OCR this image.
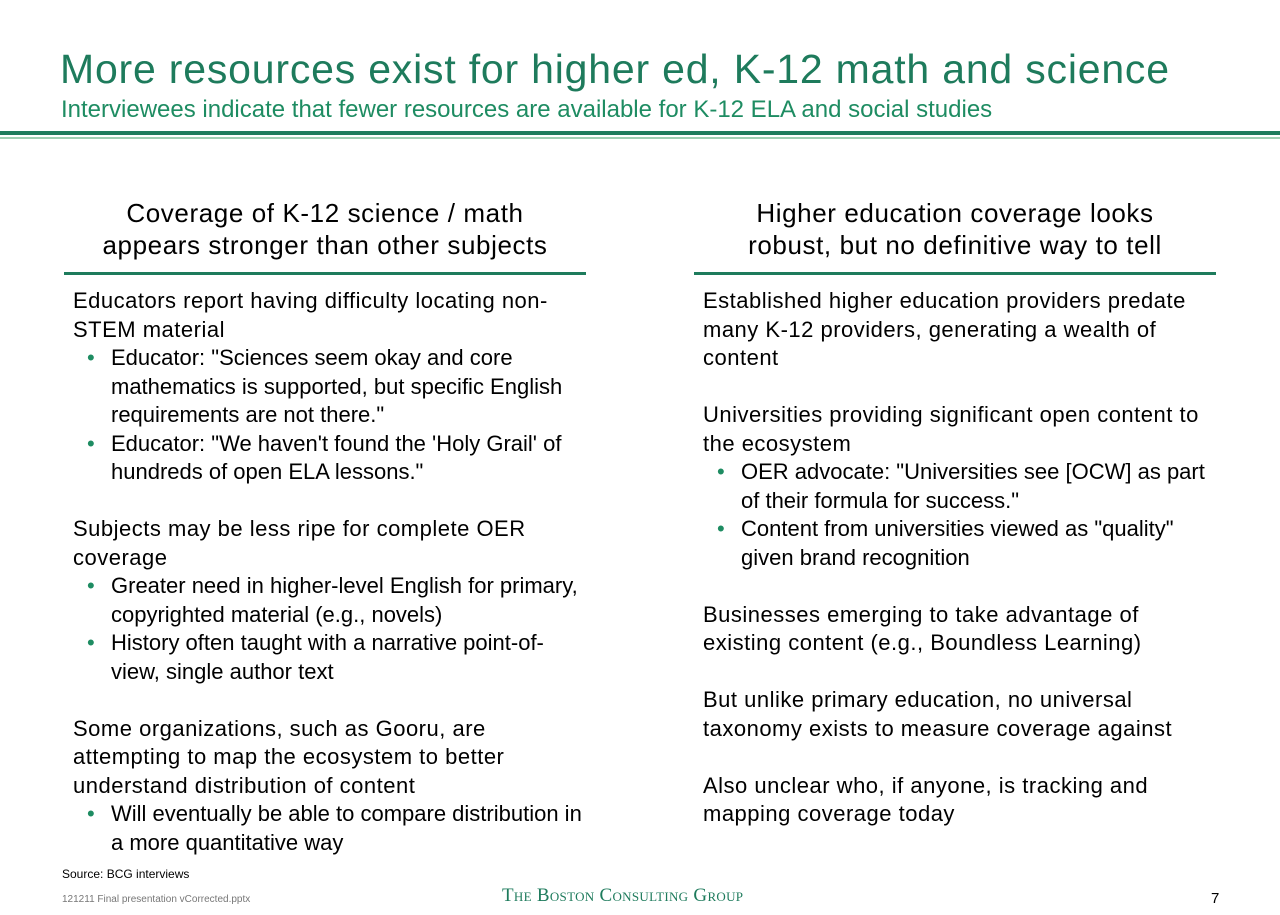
More resources exist for higher ed, K-12 math and science
Interviewees indicate that fewer resources are available for K-12 ELA and social studies
Coverage of K-12 science / math
appears stronger than other subjects
Educators report having difficulty locating non-STEM material
• Educator: "Sciences seem okay and core mathematics is supported, but specific English requirements are not there."
• Educator: "We haven't found the 'Holy Grail' of hundreds of open ELA lessons."
Subjects may be less ripe for complete OER coverage
• Greater need in higher-level English for primary, copyrighted material (e.g., novels)
• History often taught with a narrative point-of-view, single author text
Some organizations, such as Gooru, are attempting to map the ecosystem to better understand distribution of content
• Will eventually be able to compare distribution in a more quantitative way
Higher education coverage looks
robust, but no definitive way to tell
Established higher education providers predate many K-12 providers, generating a wealth of content
Universities providing significant open content to the ecosystem
• OER advocate: "Universities see [OCW] as part of their formula for success."
• Content from universities viewed as "quality" given brand recognition
Businesses emerging to take advantage of existing content (e.g., Boundless Learning)
But unlike primary education, no universal taxonomy exists to measure coverage against
Also unclear who, if anyone, is tracking and mapping coverage today
Source: BCG interviews
121211 Final presentation vCorrected.pptx	The Boston Consulting Group	7
